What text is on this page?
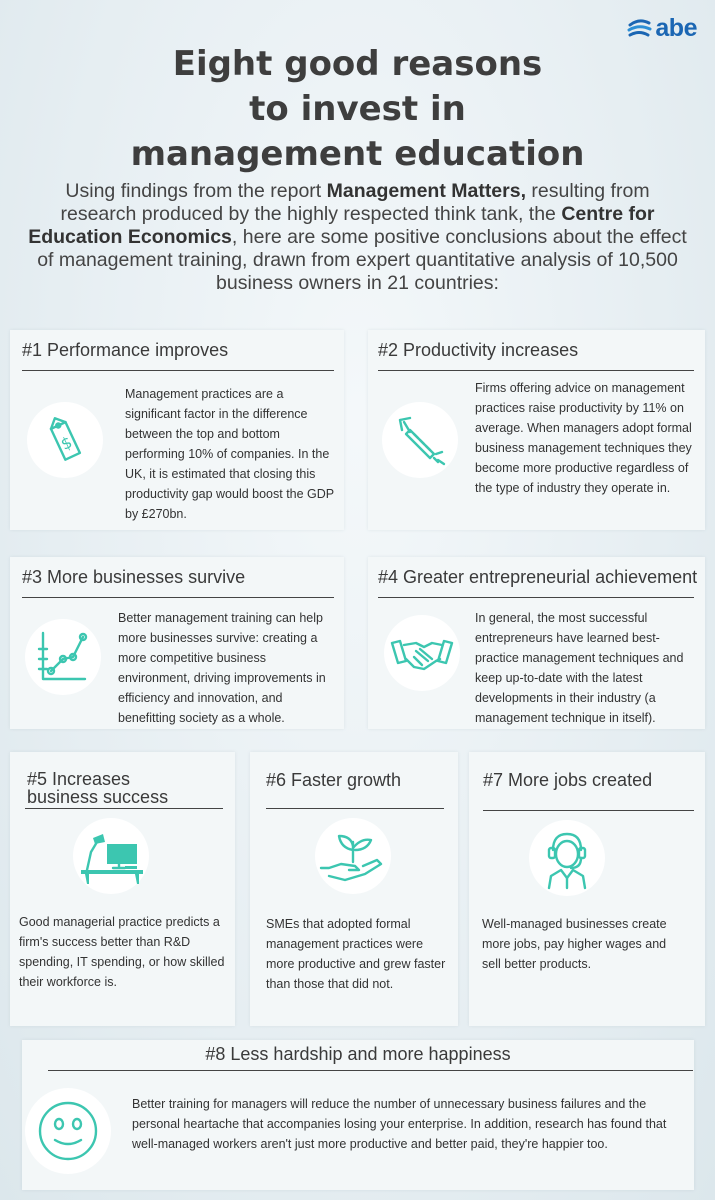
abe
Eight good reasons
to invest in
management education
Using findings from the report Management Matters, resulting from research produced by the highly respected think tank, the Centre for Education Economics, here are some positive conclusions about the effect of management training, drawn from expert quantitative analysis of 10,500 business owners in 21 countries:
#1 Performance improves
$
Management practices are a significant factor in the difference between the top and bottom performing 10% of companies. In the UK, it is estimated that closing this productivity gap would boost the GDP by £270bn.
#2 Productivity increases
Firms offering advice on management practices raise productivity by 11% on average. When managers adopt formal business management techniques they become more productive regardless of the type of industry they operate in.
#3 More businesses survive
Better management training can help more businesses survive: creating a more competitive business environment, driving improvements in efficiency and innovation, and benefitting society as a whole.
#4 Greater entrepreneurial achievement
In general, the most successful entrepreneurs have learned best-practice management techniques and keep up-to-date with the latest developments in their industry (a management technique in itself).
#5 Increases
business success
Good managerial practice predicts a firm's success better than R&D spending, IT spending, or how skilled their workforce is.
#6 Faster growth
SMEs that adopted formal management practices were more productive and grew faster than those that did not.
#7 More jobs created
Well-managed businesses create more jobs, pay higher wages and sell better products.
#8 Less hardship and more happiness
Better training for managers will reduce the number of unnecessary business failures and the personal heartache that accompanies losing your enterprise. In addition, research has found that well-managed workers aren't just more productive and better paid, they're happier too.
